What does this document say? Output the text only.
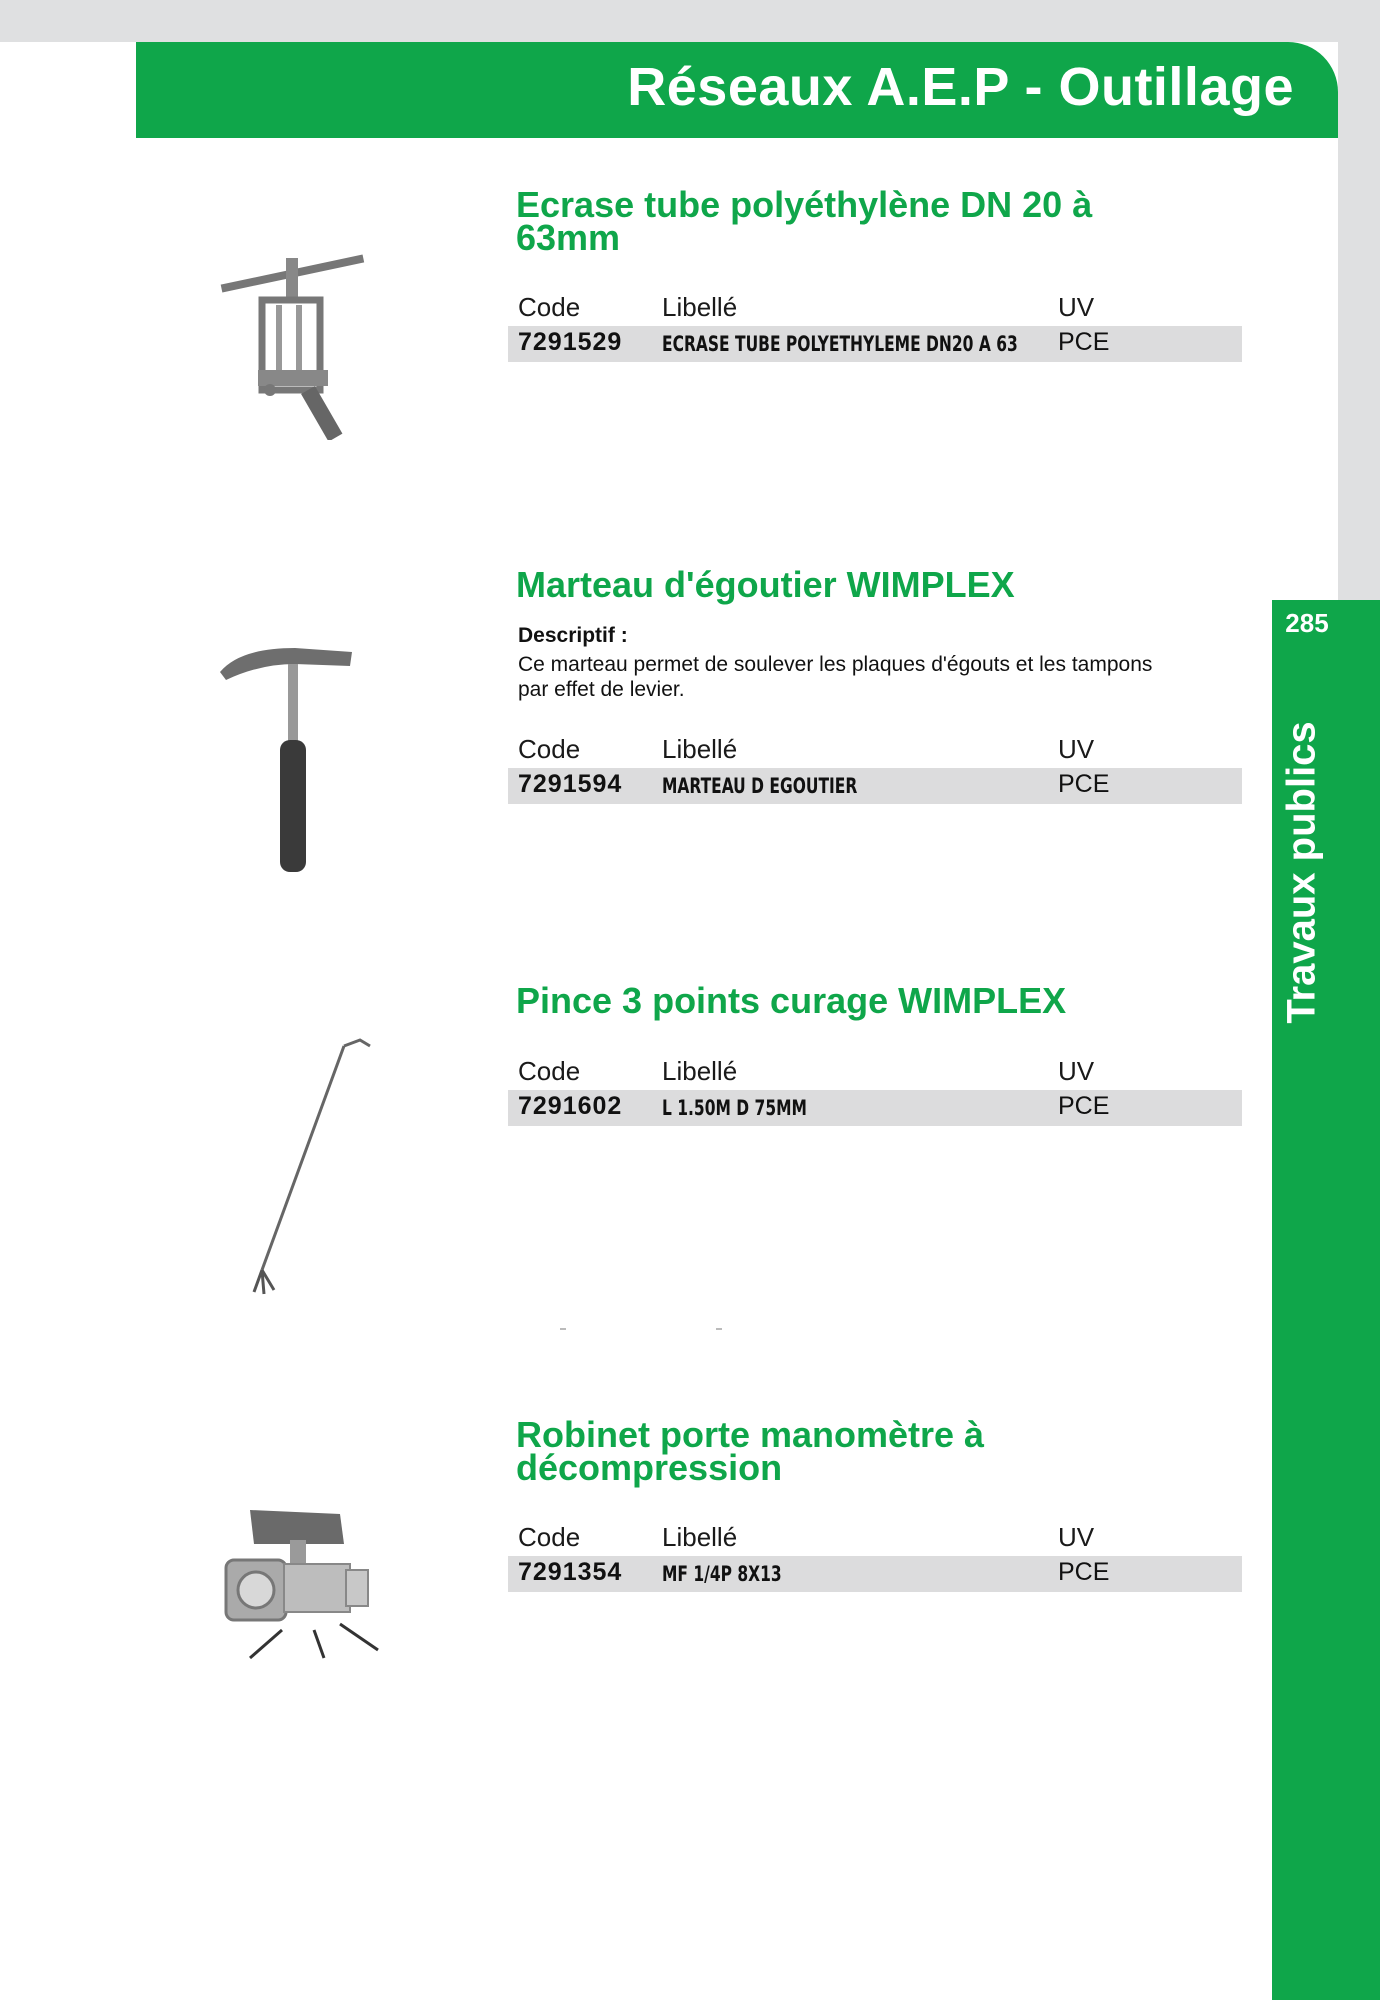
Réseaux A.E.P - Outillage
285
Travaux publics
Ecrase tube polyéthylène DN 20 à 63mm
Code	Libellé	UV
7291529 ECRASE TUBE POLYETHYLEME DN20 A 63 PCE
Marteau d'égoutier WIMPLEX
Descriptif :
Ce marteau permet de soulever les plaques d'égouts et les tampons par effet de levier.
Code	Libellé	UV
7291594 MARTEAU D EGOUTIER	PCE
Pince 3 points curage WIMPLEX
Code	Libellé	UV
7291602 L 1.50M D 75MM	PCE
Robinet porte manomètre à décompression
Code	Libellé	UV
7291354 MF 1/4P 8X13	PCE
